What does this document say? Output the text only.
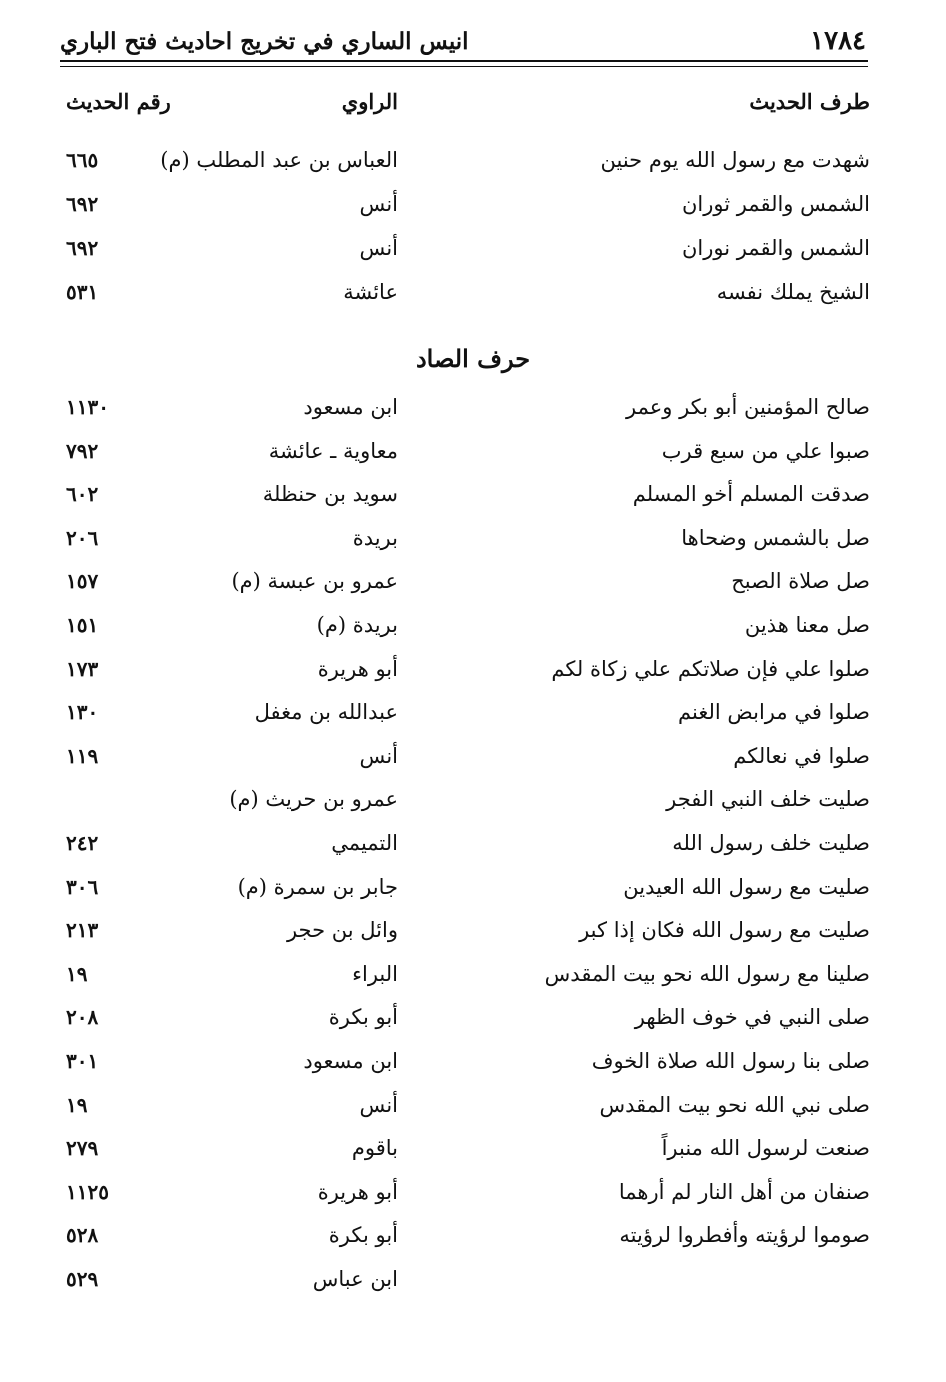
انيس الساري في تخريج احاديث فتح الباري	١٧٨٤
طرف الحديث
الراوي
رقم الحديث
شهدت مع رسول الله يوم حنين
العباس بن عبد المطلب (م)
٦٦٥
الشمس والقمر ثوران
أنس
٦٩٢
الشمس والقمر نوران
أنس
٦٩٢
الشيخ يملك نفسه
عائشة
٥٣١
حرف الصاد
صالح المؤمنين أبو بكر وعمر
ابن مسعود
١١٣٠
صبوا علي من سبع قرب
معاوية ـ عائشة
٧٩٢
صدقت المسلم أخو المسلم
سويد بن حنظلة
٦٠٢
صل بالشمس وضحاها
بريدة
٢٠٦
صل صلاة الصبح
عمرو بن عبسة (م)
١٥٧
صل معنا هذين
بريدة (م)
١٥١
صلوا علي فإن صلاتكم علي زكاة لكم
أبو هريرة
١٧٣
صلوا في مرابض الغنم
عبدالله بن مغفل
١٣٠
صلوا في نعالكم
أنس
١١٩
صليت خلف النبي الفجر
عمرو بن حريث (م)
صليت خلف رسول الله
التميمي
٢٤٢
صليت مع رسول الله العيدين
جابر بن سمرة (م)
٣٠٦
صليت مع رسول الله فكان إذا كبر
وائل بن حجر
٢١٣
صلينا مع رسول الله نحو بيت المقدس
البراء
١٩
صلى النبي في خوف الظهر
أبو بكرة
٢٠٨
صلى بنا رسول الله صلاة الخوف
ابن مسعود
٣٠١
صلى نبي الله نحو بيت المقدس
أنس
١٩
صنعت لرسول الله منبراً
باقوم
٢٧٩
صنفان من أهل النار لم أرهما
أبو هريرة
١١٢٥
صوموا لرؤيته وأفطروا لرؤيته
أبو بكرة
٥٢٨
ابن عباس
٥٢٩
